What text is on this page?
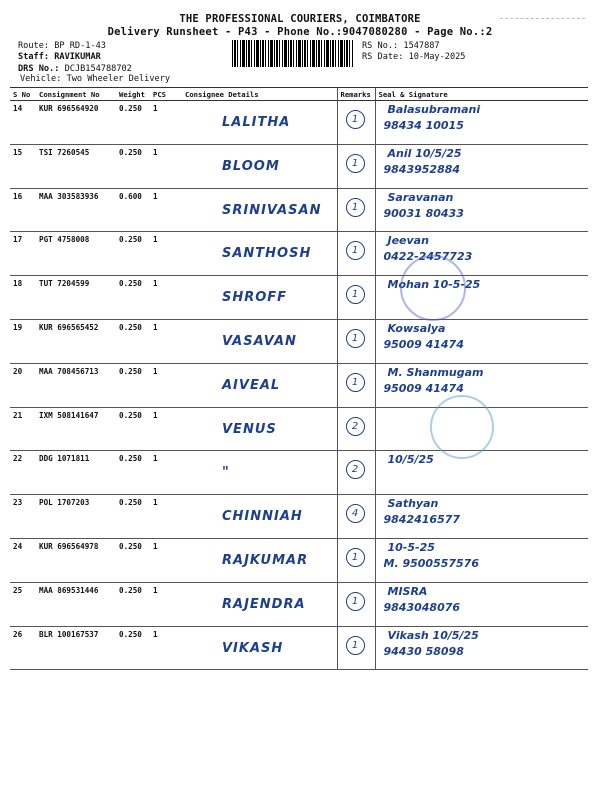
THE PROFESSIONAL COURIERS, COIMBATORE
Delivery Runsheet - P43 - Phone No.:9047080280 - Page No.:2
Route: BP RD-1-43
Staff: RAVIKUMAR
DRS No.: DCJB154788702
Vehicle: Two Wheeler Delivery
RS No.: 1547887
RS Date: 10-May-2025
S No	Consignment No	Weight	PCS	Consignee Details	Remarks	Seal & Signature
14	KUR 696564920	0.250	1	LALITHA	1	Balasubramani
98434 10015

15	TSI 7260545	0.250	1	BLOOM	1	Anil 10/5/25
9843952884

16	MAA 303583936	0.600	1	SRINIVASAN	1	Saravanan
90031 80433

17	PGT 4758008	0.250	1	SANTHOSH	1	Jeevan
0422-2457723

18	TUT 7204599	0.250	1	SHROFF	1	Mohan 10-5-25

19	KUR 696565452	0.250	1	VASAVAN	1	Kowsalya
95009 41474

20	MAA 708456713	0.250	1	AIVEAL	1	M. Shanmugam
95009 41474

21	IXM 508141647	0.250	1	VENUS	2	

22	DDG 1071811	0.250	1	"	2	10/5/25

23	POL 1707203	0.250	1	CHINNIAH	4	Sathyan
9842416577

24	KUR 696564978	0.250	1	RAJKUMAR	1	10-5-25
M. 9500557576

25	MAA 869531446	0.250	1	RAJENDRA	1	MISRA
9843048076

26	BLR 100167537	0.250	1	VIKASH	1	Vikash 10/5/25
94430 58098
